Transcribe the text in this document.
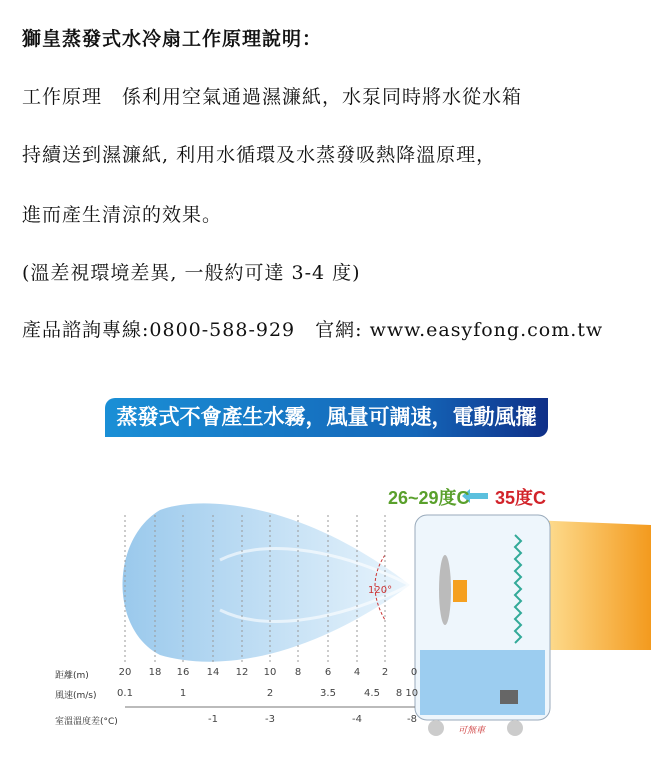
獅皇蒸發式水冷扇工作原理說明：
工作原理　係利用空氣通過濕濂紙，水泵同時將水從水箱
持續送到濕濂紙, 利用水循環及水蒸發吸熱降溫原理，
進而產生清涼的效果。
(溫差視環境差異, 一般約可達 3-4 度)
產品諮詢專線:0800-588-929　官網: www.easyfong.com.tw
蒸發式不會產生水霧，風量可調速，電動風擺
26~29度C 35度C
120°
可無車
距離(m)
風速(m/s)
室溫溫度差(°C)
20 18 16 14 12 10 8 6 4 2 0
0.1	1	2	3.5	4.5 8 10
-1	-3	-4	-8
